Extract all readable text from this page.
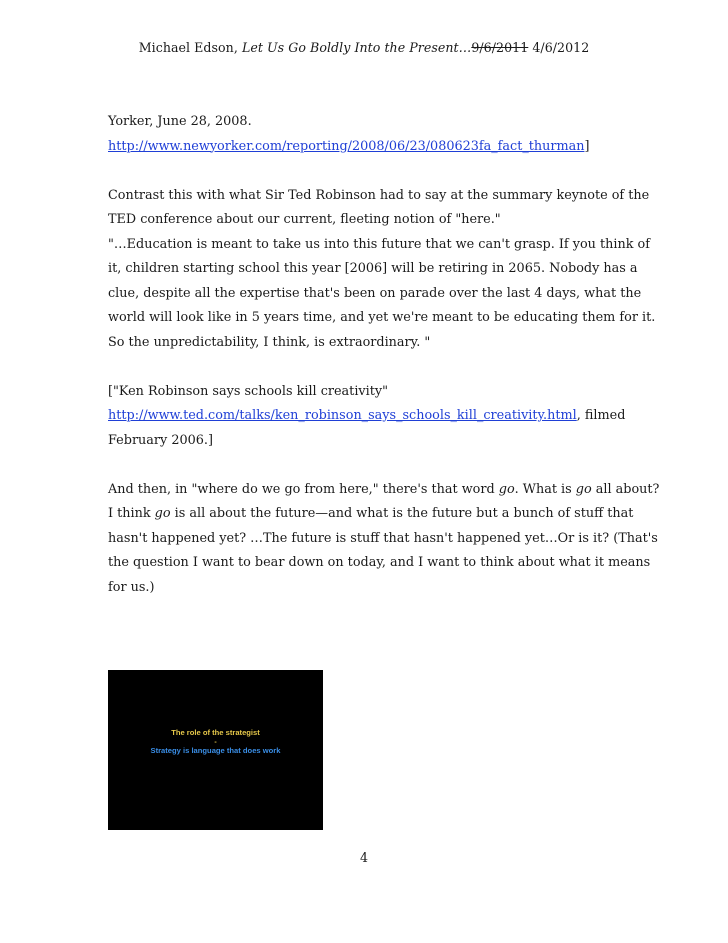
Michael Edson, Let Us Go Boldly Into the Present…9/6/2011 4/6/2012

Yorker, June 28, 2008.

http://www.newyorker.com/reporting/2008/06/23/080623fa_fact_thurman]

Contrast this with what Sir Ted Robinson had to say at the summary keynote of the

TED conference about our current, fleeting notion of "here."

"…Education is meant to take us into this future that we can't grasp. If you think of

it, children starting school this year [2006] will be retiring in 2065. Nobody has a

clue, despite all the expertise that's been on parade over the last 4 days, what the

world will look like in 5 years time, and yet we're meant to be educating them for it.

So the unpredictability, I think, is extraordinary. "

["Ken Robinson says schools kill creativity"

http://www.ted.com/talks/ken_robinson_says_schools_kill_creativity.html, filmed

February 2006.]

And then, in "where do we go from here," there's that word go. What is go all about?

I think go is all about the future—and what is the future but a bunch of stuff that

hasn't happened yet? …The future is stuff that hasn't happened yet…Or is it? (That's

the question I want to bear down on today, and I want to think about what it means

for us.)

The role of the strategist
-
Strategy is language that does work
4
